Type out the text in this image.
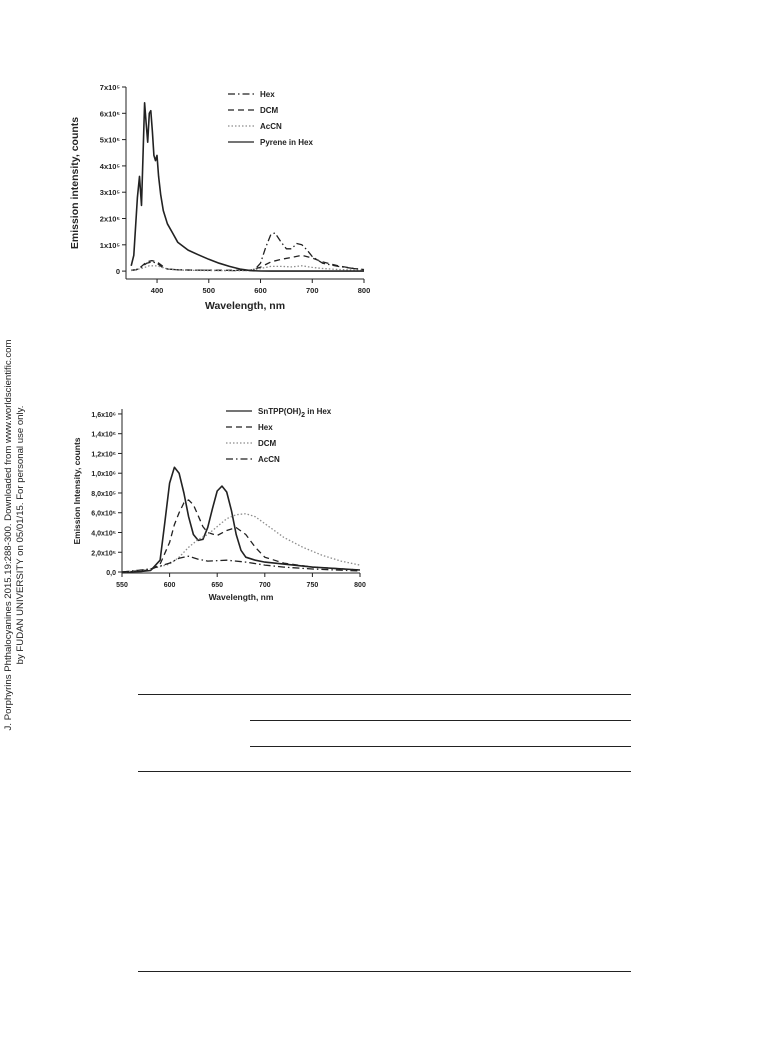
J. Porphyrins Phthalocyanines 2015.19:288-300. Downloaded from www.worldscientific.com by FUDAN UNIVERSITY on 05/01/15. For personal use only.
400	500	600	700	800
0
1x10⁵
2x10⁵
3x10⁵
4x10⁵
5x10⁵
6x10⁵
7x10⁵
Wavelength, nm
Emission intensity, counts
Hex
DCM
AcCN
Pyrene in Hex
550	600	650	700	750	800
0,0
2,0x10⁵
4,0x10⁵
6,0x10⁵
8,0x10⁵
1,0x10⁶
1,2x10⁶
1,4x10⁶
1,6x10⁶
Wavelength, nm
Emission Intensity, counts
SnTPP(OH)2 in Hex
Hex
DCM
AcCN
